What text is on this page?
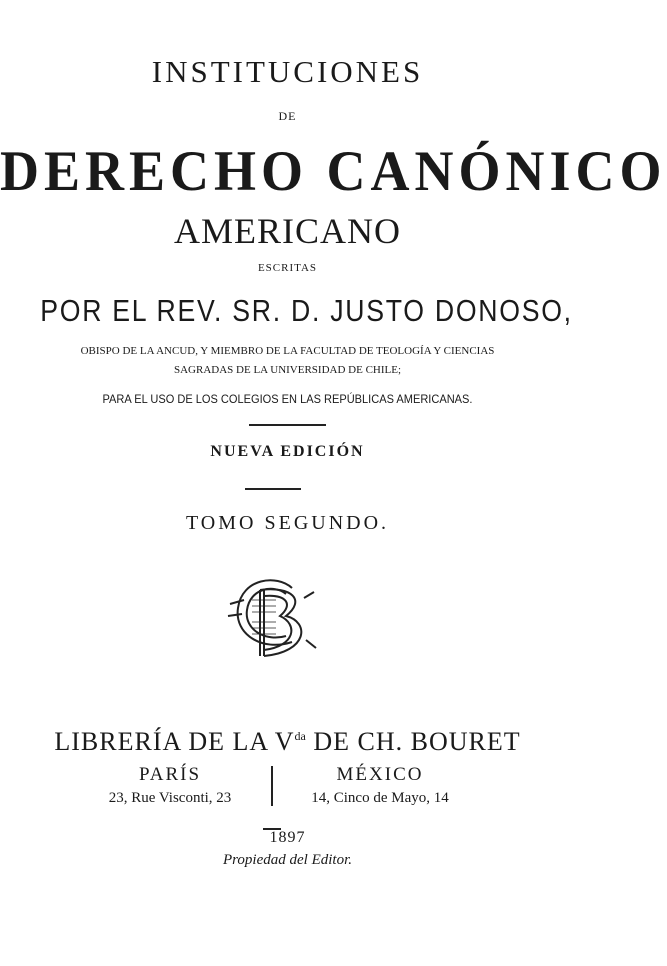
INSTITUCIONES
DE
DERECHO CANÓNICO
AMERICANO
ESCRITAS
POR EL REV. SR. D. JUSTO DONOSO,
OBISPO DE LA ANCUD, Y MIEMBRO DE LA FACULTAD DE TEOLOGÍA Y CIENCIAS
SAGRADAS DE LA UNIVERSIDAD DE CHILE;
PARA EL USO DE LOS COLEGIOS EN LAS REPÚBLICAS AMERICANAS.
NUEVA EDICIÓN
TOMO SEGUNDO.
LIBRERÍA DE LA $V^{da}$ DE CH. BOURET
PARÍS	MÉXICO
23, Rue Visconti, 23	14, Cinco de Mayo, 14
1897
Propiedad del Editor.
